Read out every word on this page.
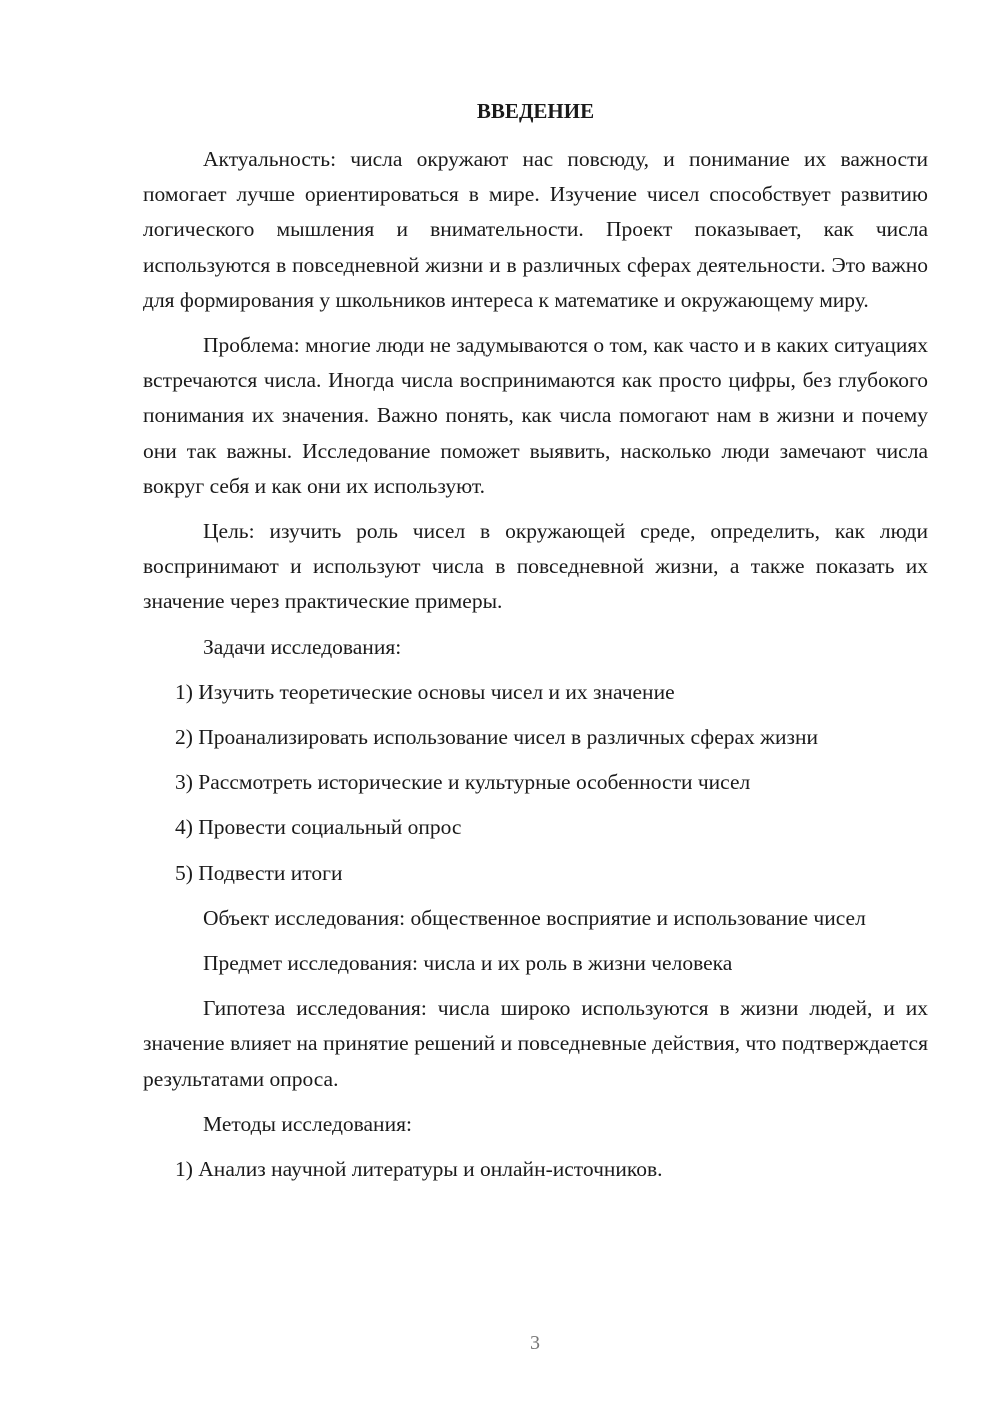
ВВЕДЕНИЕ

Актуальность: числа окружают нас повсюду, и понимание их важности помогает лучше ориентироваться в мире. Изучение чисел способствует развитию логического мышления и внимательности. Проект показывает, как числа используются в повседневной жизни и в различных сферах деятельности. Это важно для формирования у школьников интереса к математике и окружающему миру.

Проблема: многие люди не задумываются о том, как часто и в каких ситуациях встречаются числа. Иногда числа воспринимаются как просто цифры, без глубокого понимания их значения. Важно понять, как числа помогают нам в жизни и почему они так важны. Исследование поможет выявить, насколько люди замечают числа вокруг себя и как они их используют.

Цель: изучить роль чисел в окружающей среде, определить, как люди воспринимают и используют числа в повседневной жизни, а также показать их значение через практические примеры.

Задачи исследования:

1) Изучить теоретические основы чисел и их значение
2) Проанализировать использование чисел в различных сферах жизни
3) Рассмотреть исторические и культурные особенности чисел
4) Провести социальный опрос
5) Подвести итоги

Объект исследования: общественное восприятие и использование чисел

Предмет исследования: числа и их роль в жизни человека

Гипотеза исследования: числа широко используются в жизни людей, и их значение влияет на принятие решений и повседневные действия, что подтверждается результатами опроса.

Методы исследования:

1) Анализ научной литературы и онлайн-источников.
3
